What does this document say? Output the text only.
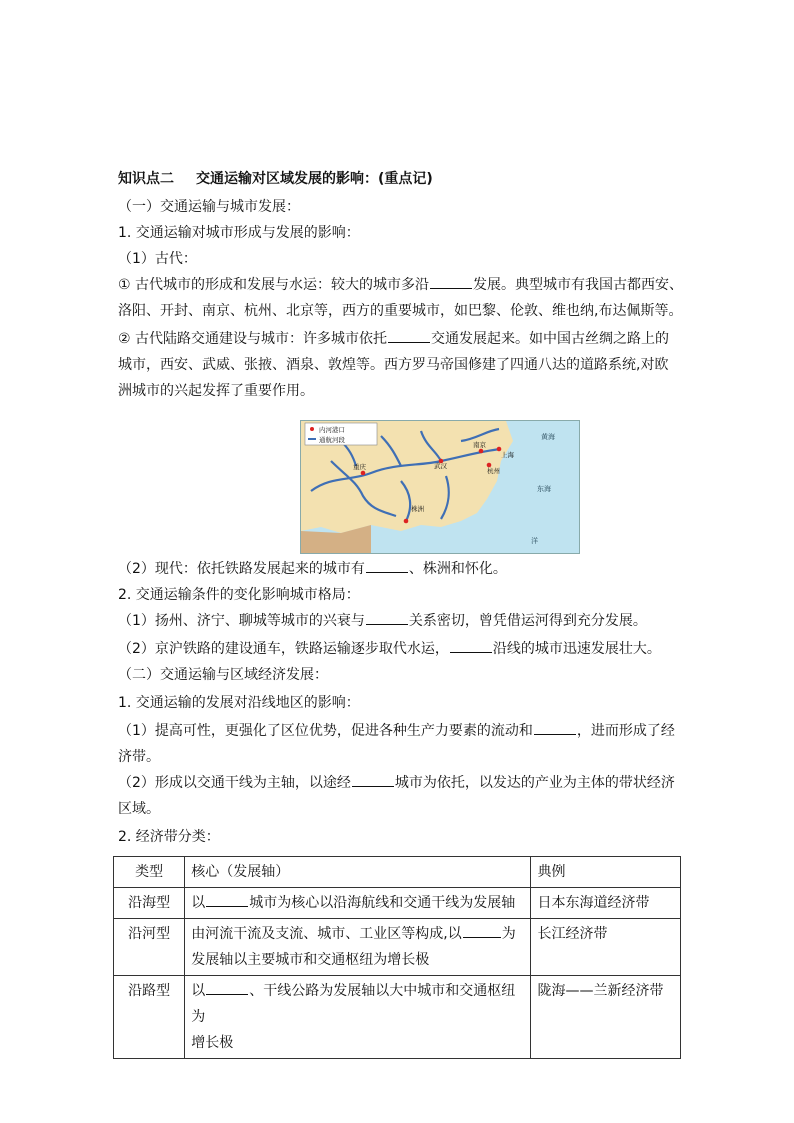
知识点二 交通运输对区域发展的影响：(重点记)
（一）交通运输与城市发展：
1. 交通运输对城市形成与发展的影响：
（1）古代：
① 古代城市的形成和发展与水运：较大的城市多沿	发展。典型城市有我国古都西安、
洛阳、开封、南京、杭州、北京等，西方的重要城市，如巴黎、伦敦、维也纳,布达佩斯等。
② 古代陆路交通建设与城市：许多城市依托	交通发展起来。如中国古丝绸之路上的
城市，西安、武威、张掖、酒泉、敦煌等。西方罗马帝国修建了四通八达的道路系统,对欧
洲城市的兴起发挥了重要作用。
内河港口
通航河段
武汉
南京
上海
杭州
重庆
株洲
黄海
东海
洋
（2）现代：依托铁路发展起来的城市有	、株洲和怀化。
2. 交通运输条件的变化影响城市格局：
（1）扬州、济宁、聊城等城市的兴衰与	关系密切，曾凭借运河得到充分发展。
（2）京沪铁路的建设通车，铁路运输逐步取代水运，	沿线的城市迅速发展壮大。
（二）交通运输与区域经济发展：
1. 交通运输的发展对沿线地区的影响：
（1）提高可性，更强化了区位优势，促进各种生产力要素的流动和	，进而形成了经
济带。
（2）形成以交通干线为主轴，以途经	城市为依托，以发达的产业为主体的带状经济
区域。
2. 经济带分类：
类型	核心（发展轴）	典例
沿海型	以 城市为核心以沿海航线和交通干线为发展轴	日本东海道经济带
沿河型	由河流干流及支流、城市、工业区等构成,以 为
发展轴以主要城市和交通枢纽为增长极	长江经济带
沿路型	以 、干线公路为发展轴以大中城市和交通枢纽为
增长极	陇海——兰新经济带
